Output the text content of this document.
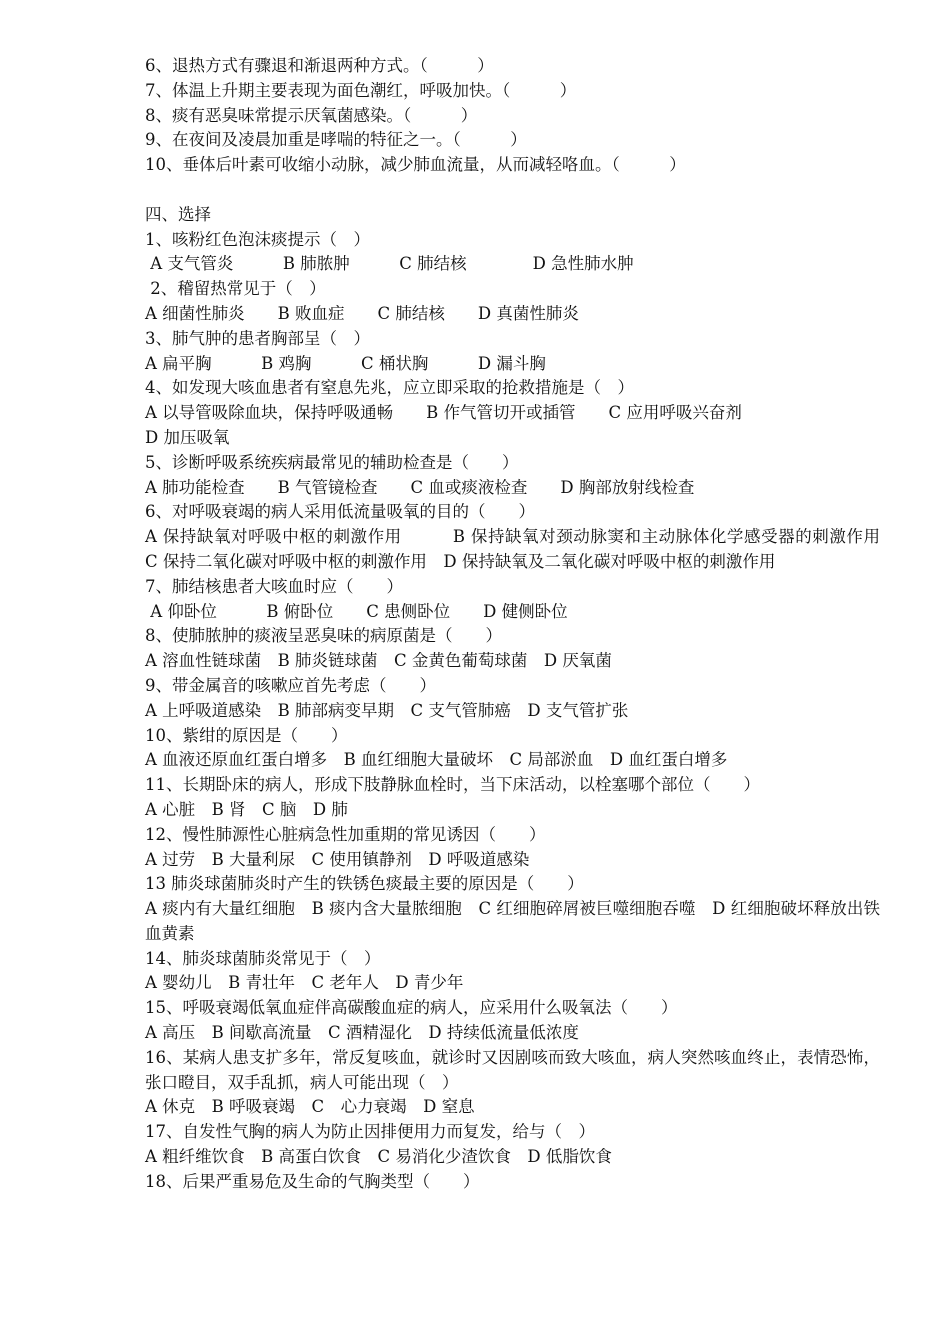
6、退热方式有骤退和渐退两种方式。（　　　）
7、体温上升期主要表现为面色潮红，呼吸加快。（　　　）
8、痰有恶臭味常提示厌氧菌感染。（　　　）
9、在夜间及凌晨加重是哮喘的特征之一。（　　　）
10、垂体后叶素可收缩小动脉，减少肺血流量，从而减轻咯血。（　　　）
四、选择
1、咳粉红色泡沫痰提示（　）
A 支气管炎　　　B 肺脓肿　　　C 肺结核　　　　D 急性肺水肿
2、稽留热常见于（　）
A 细菌性肺炎　　B 败血症　　C 肺结核　　D 真菌性肺炎
3、肺气肿的患者胸部呈（　）
A 扁平胸　　　B 鸡胸　　　C 桶状胸　　　D 漏斗胸
4、如发现大咳血患者有窒息先兆，应立即采取的抢救措施是（　）
A 以导管吸除血块，保持呼吸通畅　　B 作气管切开或插管　　C 应用呼吸兴奋剂
D 加压吸氧
5、诊断呼吸系统疾病最常见的辅助检查是（　　）
A 肺功能检查　　B 气管镜检查　　C 血或痰液检查　　D 胸部放射线检查
6、对呼吸衰竭的病人采用低流量吸氧的目的（　　）
A 保持缺氧对呼吸中枢的刺激作用　　　B 保持缺氧对颈动脉窦和主动脉体化学感受器的刺激作用　　C 保持二氧化碳对呼吸中枢的刺激作用　D 保持缺氧及二氧化碳对呼吸中枢的刺激作用
7、肺结核患者大咳血时应（　　）
A 仰卧位　　　B 俯卧位　　C 患侧卧位　　D 健侧卧位
8、使肺脓肿的痰液呈恶臭味的病原菌是（　　）
A 溶血性链球菌　B 肺炎链球菌　C 金黄色葡萄球菌　D 厌氧菌
9、带金属音的咳嗽应首先考虑（　　）
A 上呼吸道感染　B 肺部病变早期　C 支气管肺癌　D 支气管扩张
10、紫绀的原因是（　　）
A 血液还原血红蛋白增多　B 血红细胞大量破坏　C 局部淤血　D 血红蛋白增多
11、长期卧床的病人，形成下肢静脉血栓时，当下床活动，以栓塞哪个部位（　　）
A 心脏　B 肾　C 脑　D 肺
12、慢性肺源性心脏病急性加重期的常见诱因（　　）
A 过劳　B 大量利尿　C 使用镇静剂　D 呼吸道感染
13 肺炎球菌肺炎时产生的铁锈色痰最主要的原因是（　　）
A 痰内有大量红细胞　B 痰内含大量脓细胞　C 红细胞碎屑被巨噬细胞吞噬　D 红细胞破坏释放出铁血黄素
14、肺炎球菌肺炎常见于（　）
A 婴幼儿　B 青壮年　C 老年人　D 青少年
15、呼吸衰竭低氧血症伴高碳酸血症的病人，应采用什么吸氧法（　　）
A 高压　B 间歇高流量　C 酒精湿化　D 持续低流量低浓度
16、某病人患支扩多年，常反复咳血，就诊时又因剧咳而致大咳血，病人突然咳血终止，表情恐怖，张口瞪目，双手乱抓，病人可能出现（　）
A 休克　B 呼吸衰竭　C　心力衰竭　D 窒息
17、自发性气胸的病人为防止因排便用力而复发，给与（　）
A 粗纤维饮食　B 高蛋白饮食　C 易消化少渣饮食　D 低脂饮食
18、后果严重易危及生命的气胸类型（　　）
